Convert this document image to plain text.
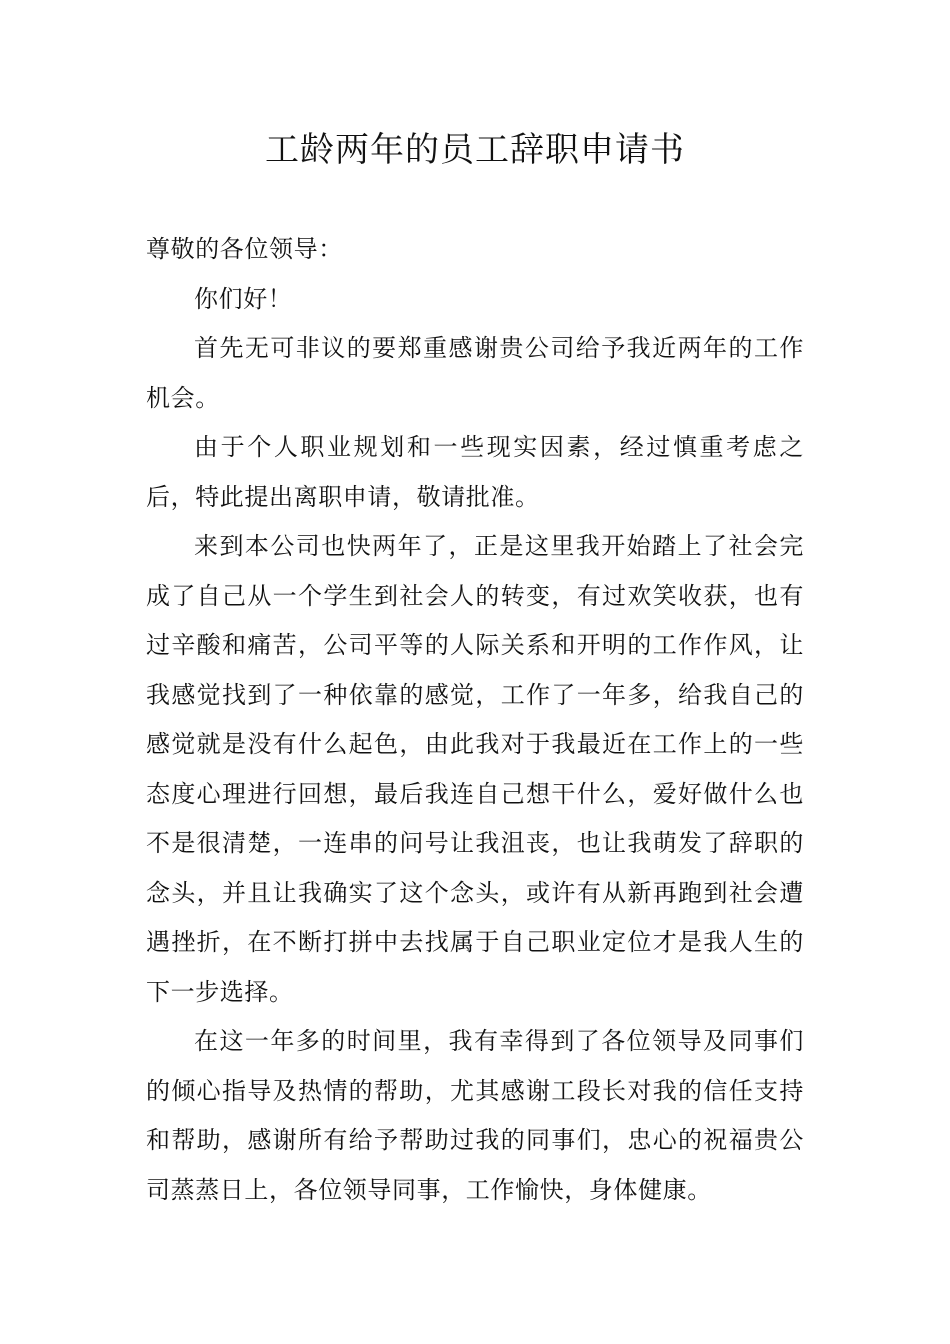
工龄两年的员工辞职申请书

尊敬的各位领导：

你们好！

首先无可非议的要郑重感谢贵公司给予我近两年的工作机会。

由于个人职业规划和一些现实因素，经过慎重考虑之后，特此提出离职申请，敬请批准。

来到本公司也快两年了，正是这里我开始踏上了社会完成了自己从一个学生到社会人的转变，有过欢笑收获，也有过辛酸和痛苦，公司平等的人际关系和开明的工作作风，让我感觉找到了一种依靠的感觉，工作了一年多，给我自己的感觉就是没有什么起色，由此我对于我最近在工作上的一些态度心理进行回想，最后我连自己想干什么，爱好做什么也不是很清楚，一连串的问号让我沮丧，也让我萌发了辞职的念头，并且让我确实了这个念头，或许有从新再跑到社会遭遇挫折，在不断打拼中去找属于自己职业定位才是我人生的下一步选择。

在这一年多的时间里，我有幸得到了各位领导及同事们的倾心指导及热情的帮助，尤其感谢工段长对我的信任支持和帮助，感谢所有给予帮助过我的同事们，忠心的祝福贵公司蒸蒸日上，各位领导同事，工作愉快，身体健康。
